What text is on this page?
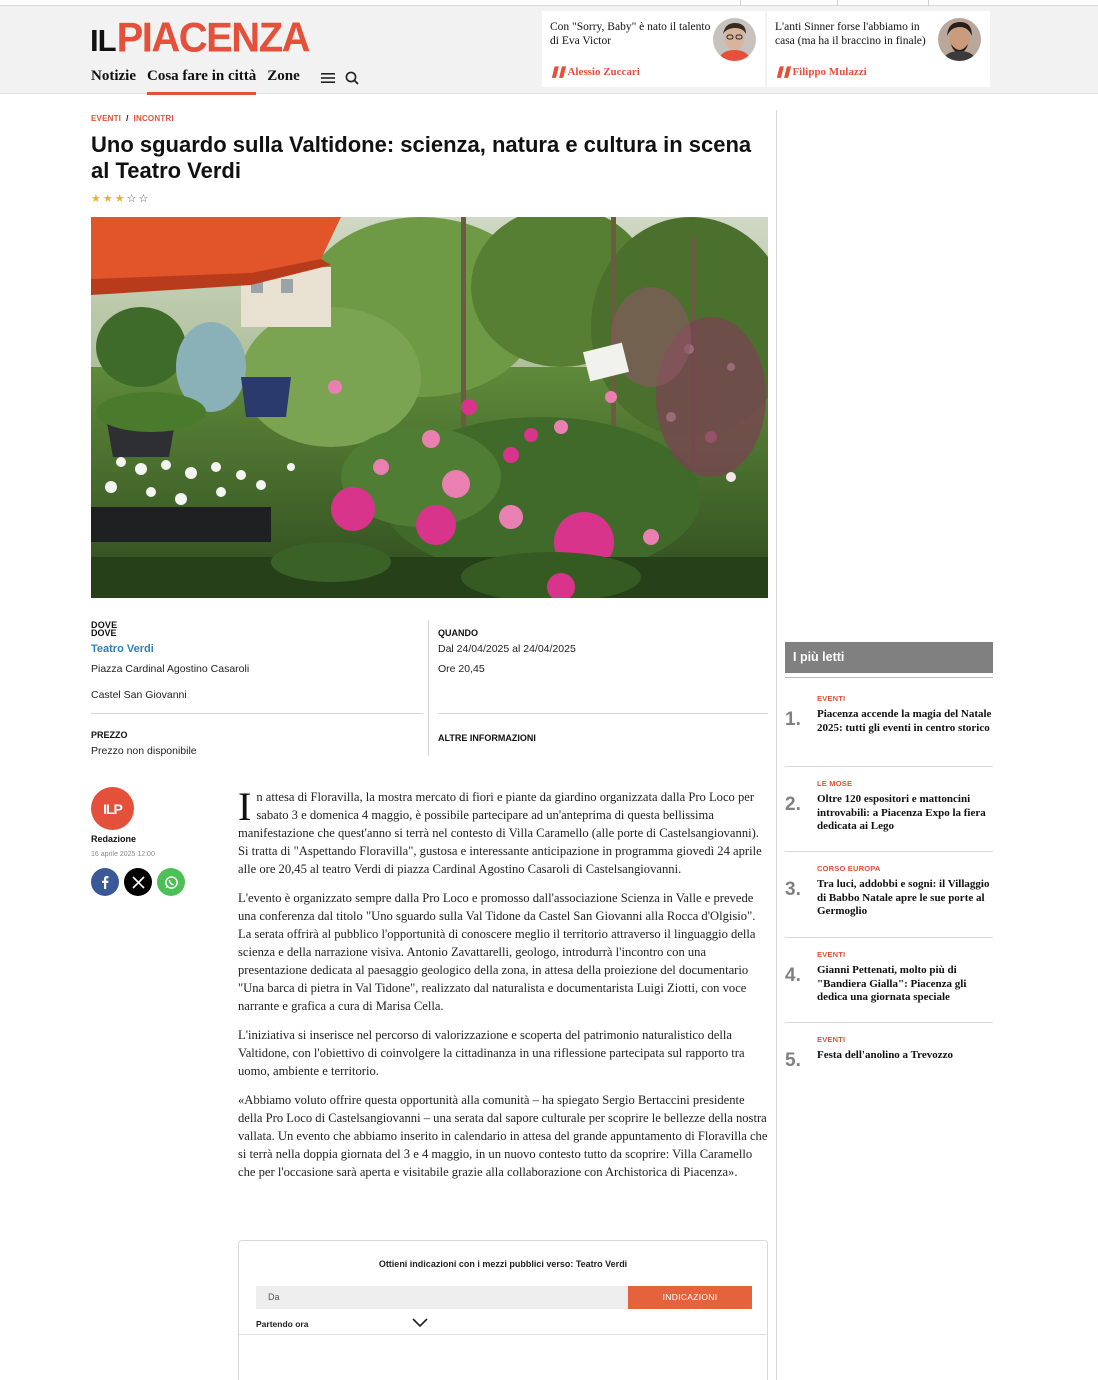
IL PIACENZA
Notizie Cosa fare in città Zone
Con "Sorry, Baby" è nato il talento di Eva Victor
❚❚ Alessio Zuccari
L'anti Sinner forse l'abbiamo in casa (ma ha il braccino in finale)
❚❚ Filippo Mulazzi
EVENTI / INCONTRI
Uno sguardo sulla Valtidone: scienza, natura e cultura in scena al Teatro Verdi
★ ★ ★ ☆ ☆
DOVE
DOVE
Teatro Verdi
Piazza Cardinal Agostino Casaroli
Castel San Giovanni
PREZZO
Prezzo non disponibile
QUANDO
Dal 24/04/2025 al 24/04/2025
Ore 20,45
ALTRE INFORMAZIONI
ILP
Redazione
16 aprile 2025 12:00

In attesa di Floravilla, la mostra mercato di fiori e piante da giardino organizzata dalla Pro Loco per sabato 3 e domenica 4 maggio, è possibile partecipare ad un'anteprima di questa bellissima manifestazione che quest'anno si terrà nel contesto di Villa Caramello (alle porte di Castelsangiovanni). Si tratta di "Aspettando Floravilla", gustosa e interessante anticipazione in programma giovedì 24 aprile alle ore 20,45 al teatro Verdi di piazza Cardinal Agostino Casaroli di Castelsangiovanni.

L'evento è organizzato sempre dalla Pro Loco e promosso dall'associazione Scienza in Valle e prevede una conferenza dal titolo "Uno sguardo sulla Val Tidone da Castel San Giovanni alla Rocca d'Olgisio". La serata offrirà al pubblico l'opportunità di conoscere meglio il territorio attraverso il linguaggio della scienza e della narrazione visiva. Antonio Zavattarelli, geologo, introdurrà l'incontro con una presentazione dedicata al paesaggio geologico della zona, in attesa della proiezione del documentario "Una barca di pietra in Val Tidone", realizzato dal naturalista e documentarista Luigi Ziotti, con voce narrante e grafica a cura di Marisa Cella.

L'iniziativa si inserisce nel percorso di valorizzazione e scoperta del patrimonio naturalistico della Valtidone, con l'obiettivo di coinvolgere la cittadinanza in una riflessione partecipata sul rapporto tra uomo, ambiente e territorio.

«Abbiamo voluto offrire questa opportunità alla comunità – ha spiegato Sergio Bertaccini presidente della Pro Loco di Castelsangiovanni – una serata dal sapore culturale per scoprire le bellezze della nostra vallata. Un evento che abbiamo inserito in calendario in attesa del grande appuntamento di Floravilla che si terrà nella doppia giornata del 3 e 4 maggio, in un nuovo contesto tutto da scoprire: Villa Caramello che per l'occasione sarà aperta e visitabile grazie alla collaborazione con Archistorica di Piacenza».

Ottieni indicazioni con i mezzi pubblici verso: Teatro Verdi
Da	INDICAZIONI
Partendo ora
I più letti
1.
EVENTI
Piacenza accende la magia del Natale 2025: tutti gli eventi in centro storico
2.
LE MOSE
Oltre 120 espositori e mattoncini introvabili: a Piacenza Expo la fiera dedicata ai Lego
3.
CORSO EUROPA
Tra luci, addobbi e sogni: il Villaggio di Babbo Natale apre le sue porte al Germoglio
4.
EVENTI
Gianni Pettenati, molto più di "Bandiera Gialla": Piacenza gli dedica una giornata speciale
5.
EVENTI
Festa dell'anolino a Trevozzo
